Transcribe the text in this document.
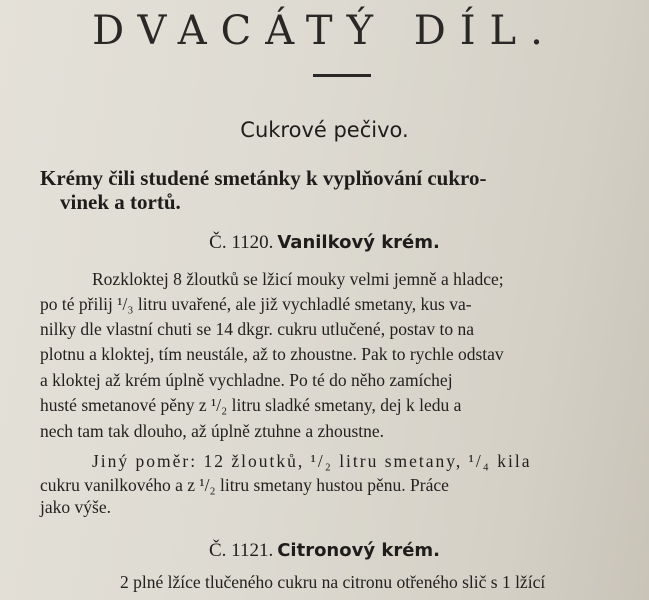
DVACÁTÝ DÍL.
Cukrové pečivo.
Krémy čili studené smetánky k vyplňování cukro-
vinek a tortů.
Č. 1120. Vanilkový krém.

Rozkloktej 8 žloutků se lžicí mouky velmi jemně a hladce;

po té přilij ¹/₃ litru uvařené, ale již vychladlé smetany, kus va-

nilky dle vlastní chuti se 14 dkgr. cukru utlučené, postav to na

plotnu a kloktej, tím neustále, až to zhoustne. Pak to rychle odstav

a kloktej až krém úplně vychladne. Po té do něho zamíchej

husté smetanové pěny z ¹/₂ litru sladké smetany, dej k ledu a

nech tam tak dlouho, až úplně ztuhne a zhoustne.

Jiný poměr: 12 žloutků, ¹/₂ litru smetany, ¹/₄ kila

cukru vanilkového a z ¹/₂ litru smetany hustou pěnu. Práce

jako výše.

Č. 1121. Citronový krém.

2 plné lžíce tlučeného cukru na citronu otřeného slič s 1 lžící
